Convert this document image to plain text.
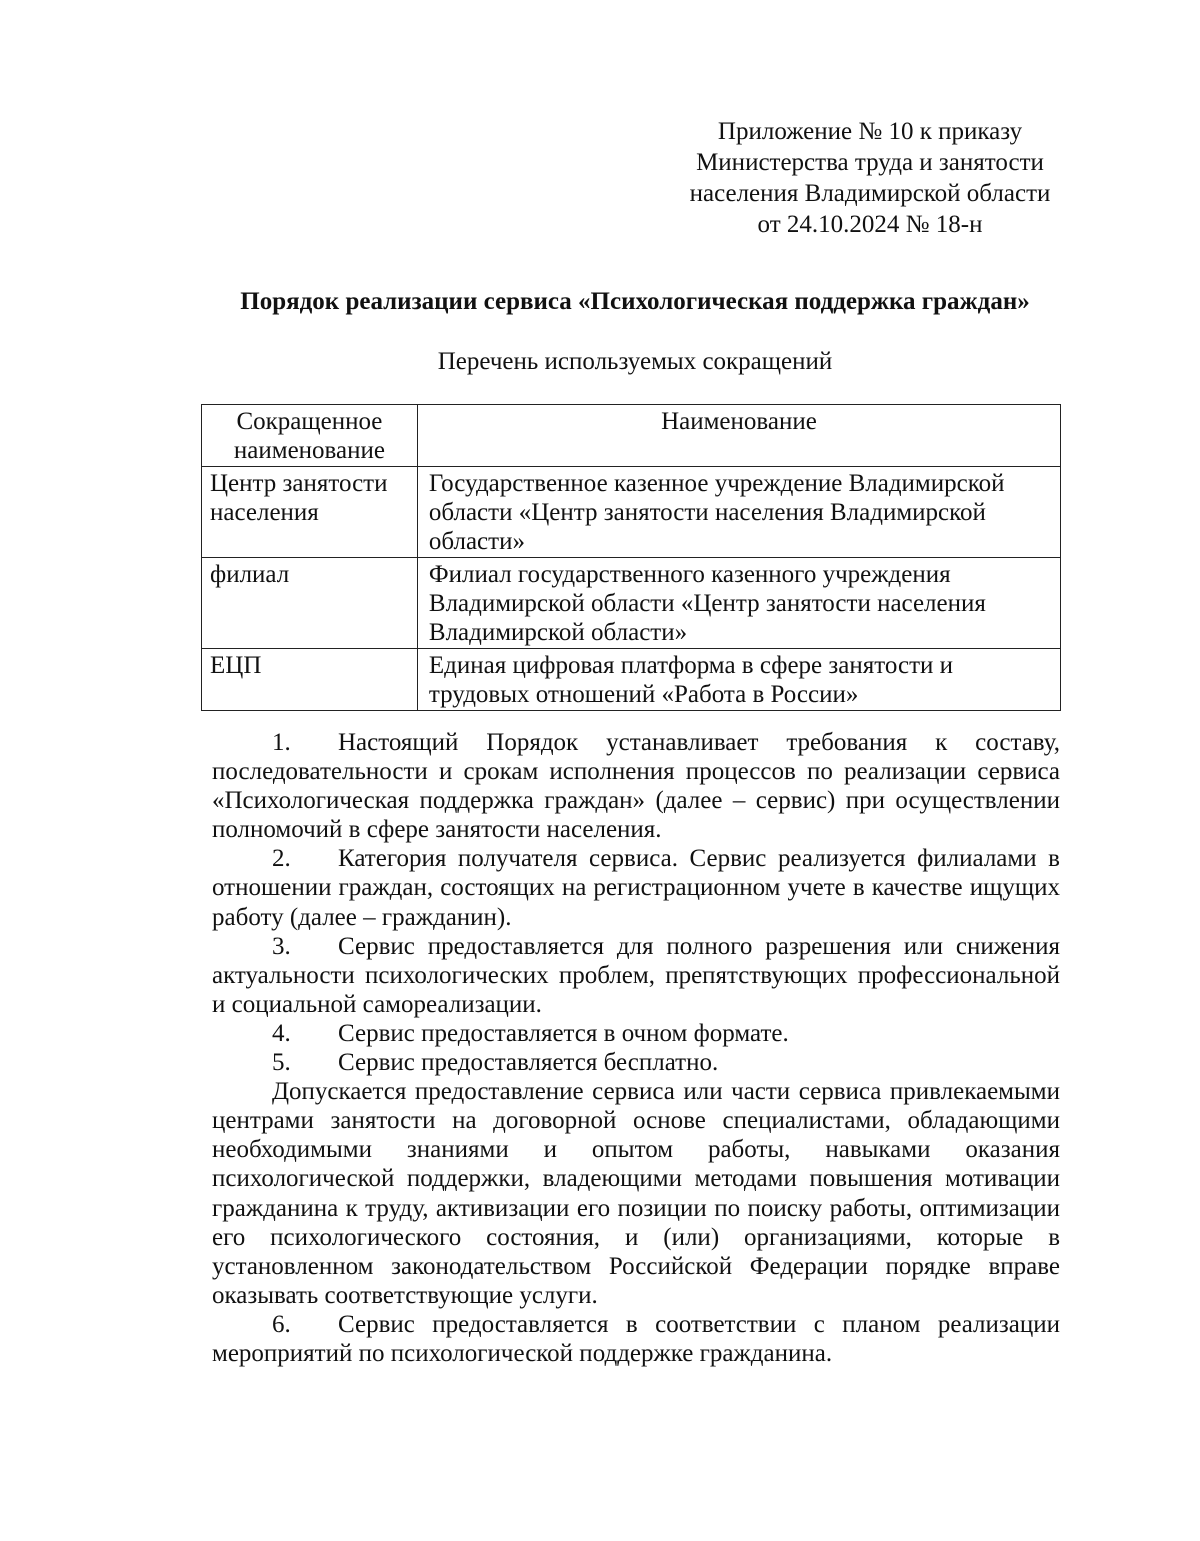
Приложение № 10 к приказу
Министерства труда и занятости
населения Владимирской области
от 24.10.2024 № 18-н
Порядок реализации сервиса «Психологическая поддержка граждан»
Перечень используемых сокращений
Сокращенное наименование	Наименование
Центр занятости населения	Государственное казенное учреждение Владимирской области «Центр занятости населения Владимирской области»
филиал	Филиал государственного казенного учреждения Владимирской области «Центр занятости населения Владимирской области»
ЕЦП	Единая цифровая платформа в сфере занятости и трудовых отношений «Работа в России»

1. Настоящий Порядок устанавливает требования к составу, последовательности и срокам исполнения процессов по реализации сервиса «Психологическая поддержка граждан» (далее – сервис) при осуществлении полномочий в сфере занятости населения.

2. Категория получателя сервиса. Сервис реализуется филиалами в отношении граждан, состоящих на регистрационном учете в качестве ищущих работу (далее – гражданин).

3. Сервис предоставляется для полного разрешения или снижения актуальности психологических проблем, препятствующих профессиональной и социальной самореализации.

4. Сервис предоставляется в очном формате.

5. Сервис предоставляется бесплатно.

Допускается предоставление сервиса или части сервиса привлекаемыми центрами занятости на договорной основе специалистами, обладающими необходимыми знаниями и опытом работы, навыками оказания психологической поддержки, владеющими методами повышения мотивации гражданина к труду, активизации его позиции по поиску работы, оптимизации его психологического состояния, и (или) организациями, которые в установленном законодательством Российской Федерации порядке вправе оказывать соответствующие услуги.

6. Сервис предоставляется в соответствии с планом реализации мероприятий по психологической поддержке гражданина.
